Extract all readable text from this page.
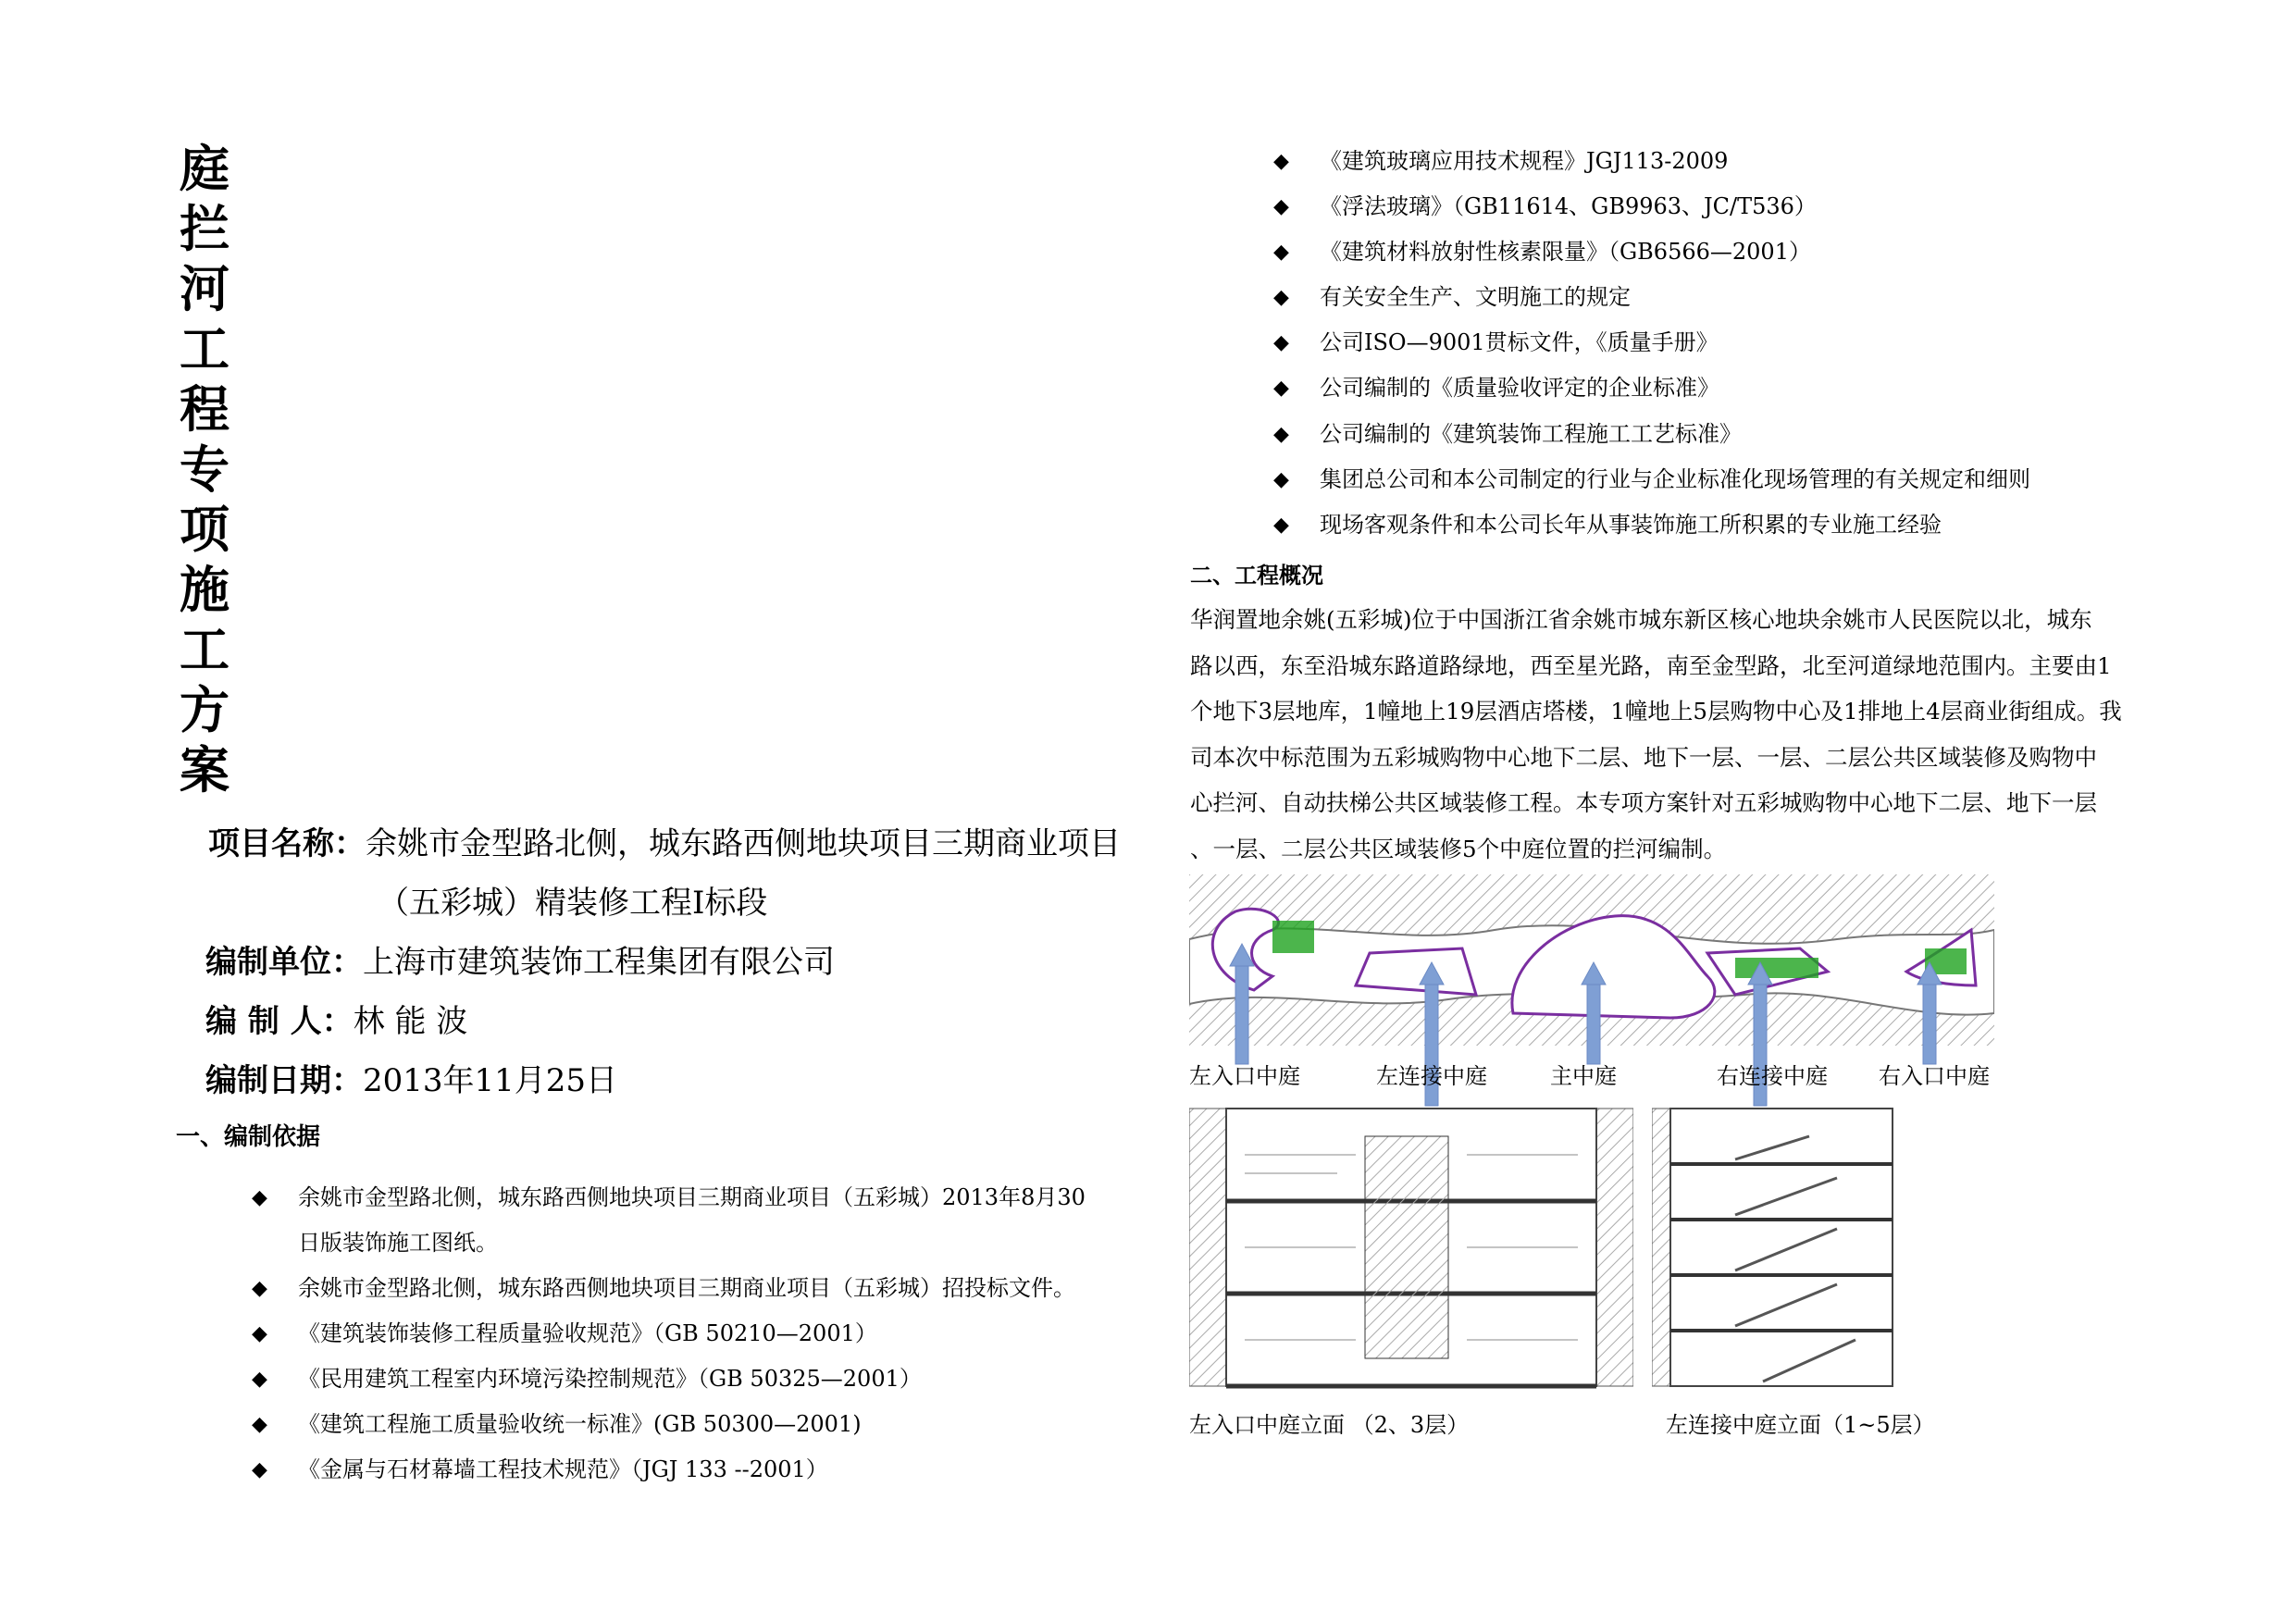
庭
拦
河
工
程
专
项
施
工
方
案
项目名称：余姚市金型路北侧，城东路西侧地块项目三期商业项目
（五彩城）精装修工程Ⅰ标段
编制单位：上海市建筑装饰工程集团有限公司
编 制 人：林 能 波
编制日期：2013年11月25日
一、编制依据
◆ 余姚市金型路北侧，城东路西侧地块项目三期商业项目（五彩城）2013年8月30
日版装饰施工图纸。
◆ 余姚市金型路北侧，城东路西侧地块项目三期商业项目（五彩城）招投标文件。
◆ 《建筑装饰装修工程质量验收规范》（GB 50210—2001）
◆ 《民用建筑工程室内环境污染控制规范》（GB 50325—2001）
◆ 《建筑工程施工质量验收统一标准》(GB 50300—2001)
◆ 《金属与石材幕墙工程技术规范》（JGJ 133 --2001）
◆ 《建筑玻璃应用技术规程》JGJ113-2009
◆ 《浮法玻璃》（GB11614、GB9963、JC/T536）
◆ 《建筑材料放射性核素限量》（GB6566—2001）
◆ 有关安全生产、文明施工的规定
◆ 公司ISO—9001贯标文件，《质量手册》
◆ 公司编制的《质量验收评定的企业标准》
◆ 公司编制的《建筑装饰工程施工工艺标准》
◆ 集团总公司和本公司制定的行业与企业标准化现场管理的有关规定和细则
◆ 现场客观条件和本公司长年从事装饰施工所积累的专业施工经验
二、工程概况
华润置地余姚(五彩城)位于中国浙江省余姚市城东新区核心地块余姚市人民医院以北，城东
路以西，东至沿城东路道路绿地，西至星光路，南至金型路，北至河道绿地范围内。主要由1
个地下3层地库，1幢地上19层酒店塔楼，1幢地上5层购物中心及1排地上4层商业街组成。我
司本次中标范围为五彩城购物中心地下二层、地下一层、一层、二层公共区域装修及购物中
心拦河、自动扶梯公共区域装修工程。本专项方案针对五彩城购物中心地下二层、地下一层
、一层、二层公共区域装修5个中庭位置的拦河编制。
左入口中庭	左连接中庭	主中庭	右连接中庭 右入口中庭
左入口中庭立面 （2、3层）	左连接中庭立面（1~5层）
